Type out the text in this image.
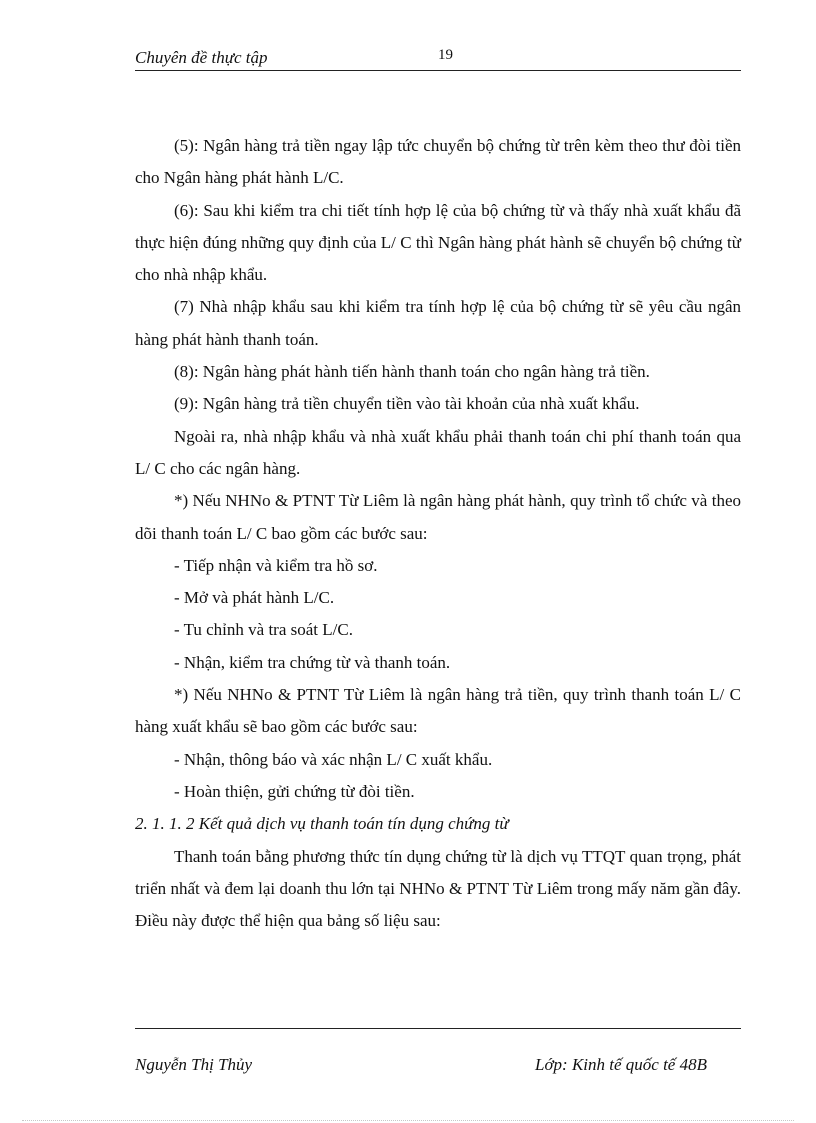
Chuyên đề thực tập	19

(5): Ngân hàng trả tiền ngay lập tức chuyển bộ chứng từ trên kèm theo thư đòi tiền cho Ngân hàng phát hành L/C.

(6): Sau khi kiểm tra chi tiết tính hợp lệ của bộ chứng từ và thấy nhà xuất khẩu đã thực hiện đúng những quy định của L/ C thì Ngân hàng phát hành sẽ chuyển bộ chứng từ cho nhà nhập khẩu.

(7) Nhà nhập khẩu sau khi kiểm tra tính hợp lệ của bộ chứng từ sẽ yêu cầu ngân hàng phát hành thanh toán.

(8): Ngân hàng phát hành tiến hành thanh toán cho ngân hàng trả tiền.

(9): Ngân hàng trả tiền chuyển tiền vào tài khoản của nhà xuất khẩu.

Ngoài ra, nhà nhập khẩu và nhà xuất khẩu phải thanh toán chi phí thanh toán qua L/ C cho các ngân hàng.

*) Nếu NHNo & PTNT Từ Liêm là ngân hàng phát hành, quy trình tổ chức và theo dõi thanh toán L/ C bao gồm các bước sau:

- Tiếp nhận và kiểm tra hồ sơ.

- Mở và phát hành L/C.

- Tu chỉnh và tra soát L/C.

- Nhận, kiểm tra chứng từ và thanh toán.

*) Nếu NHNo & PTNT Từ Liêm là ngân hàng trả tiền, quy trình thanh toán L/ C hàng xuất khẩu sẽ bao gồm các bước sau:

- Nhận, thông báo và xác nhận L/ C xuất khẩu.

- Hoàn thiện, gửi chứng từ đòi tiền.

2. 1. 1. 2 Kết quả dịch vụ thanh toán tín dụng chứng từ

Thanh toán bằng phương thức tín dụng chứng từ là dịch vụ TTQT quan trọng, phát triển nhất và đem lại doanh thu lớn tại NHNo & PTNT Từ Liêm trong mấy năm gần đây. Điều này được thể hiện qua bảng số liệu sau:

Nguyễn Thị Thủy	Lớp: Kinh tế quốc tế 48B
